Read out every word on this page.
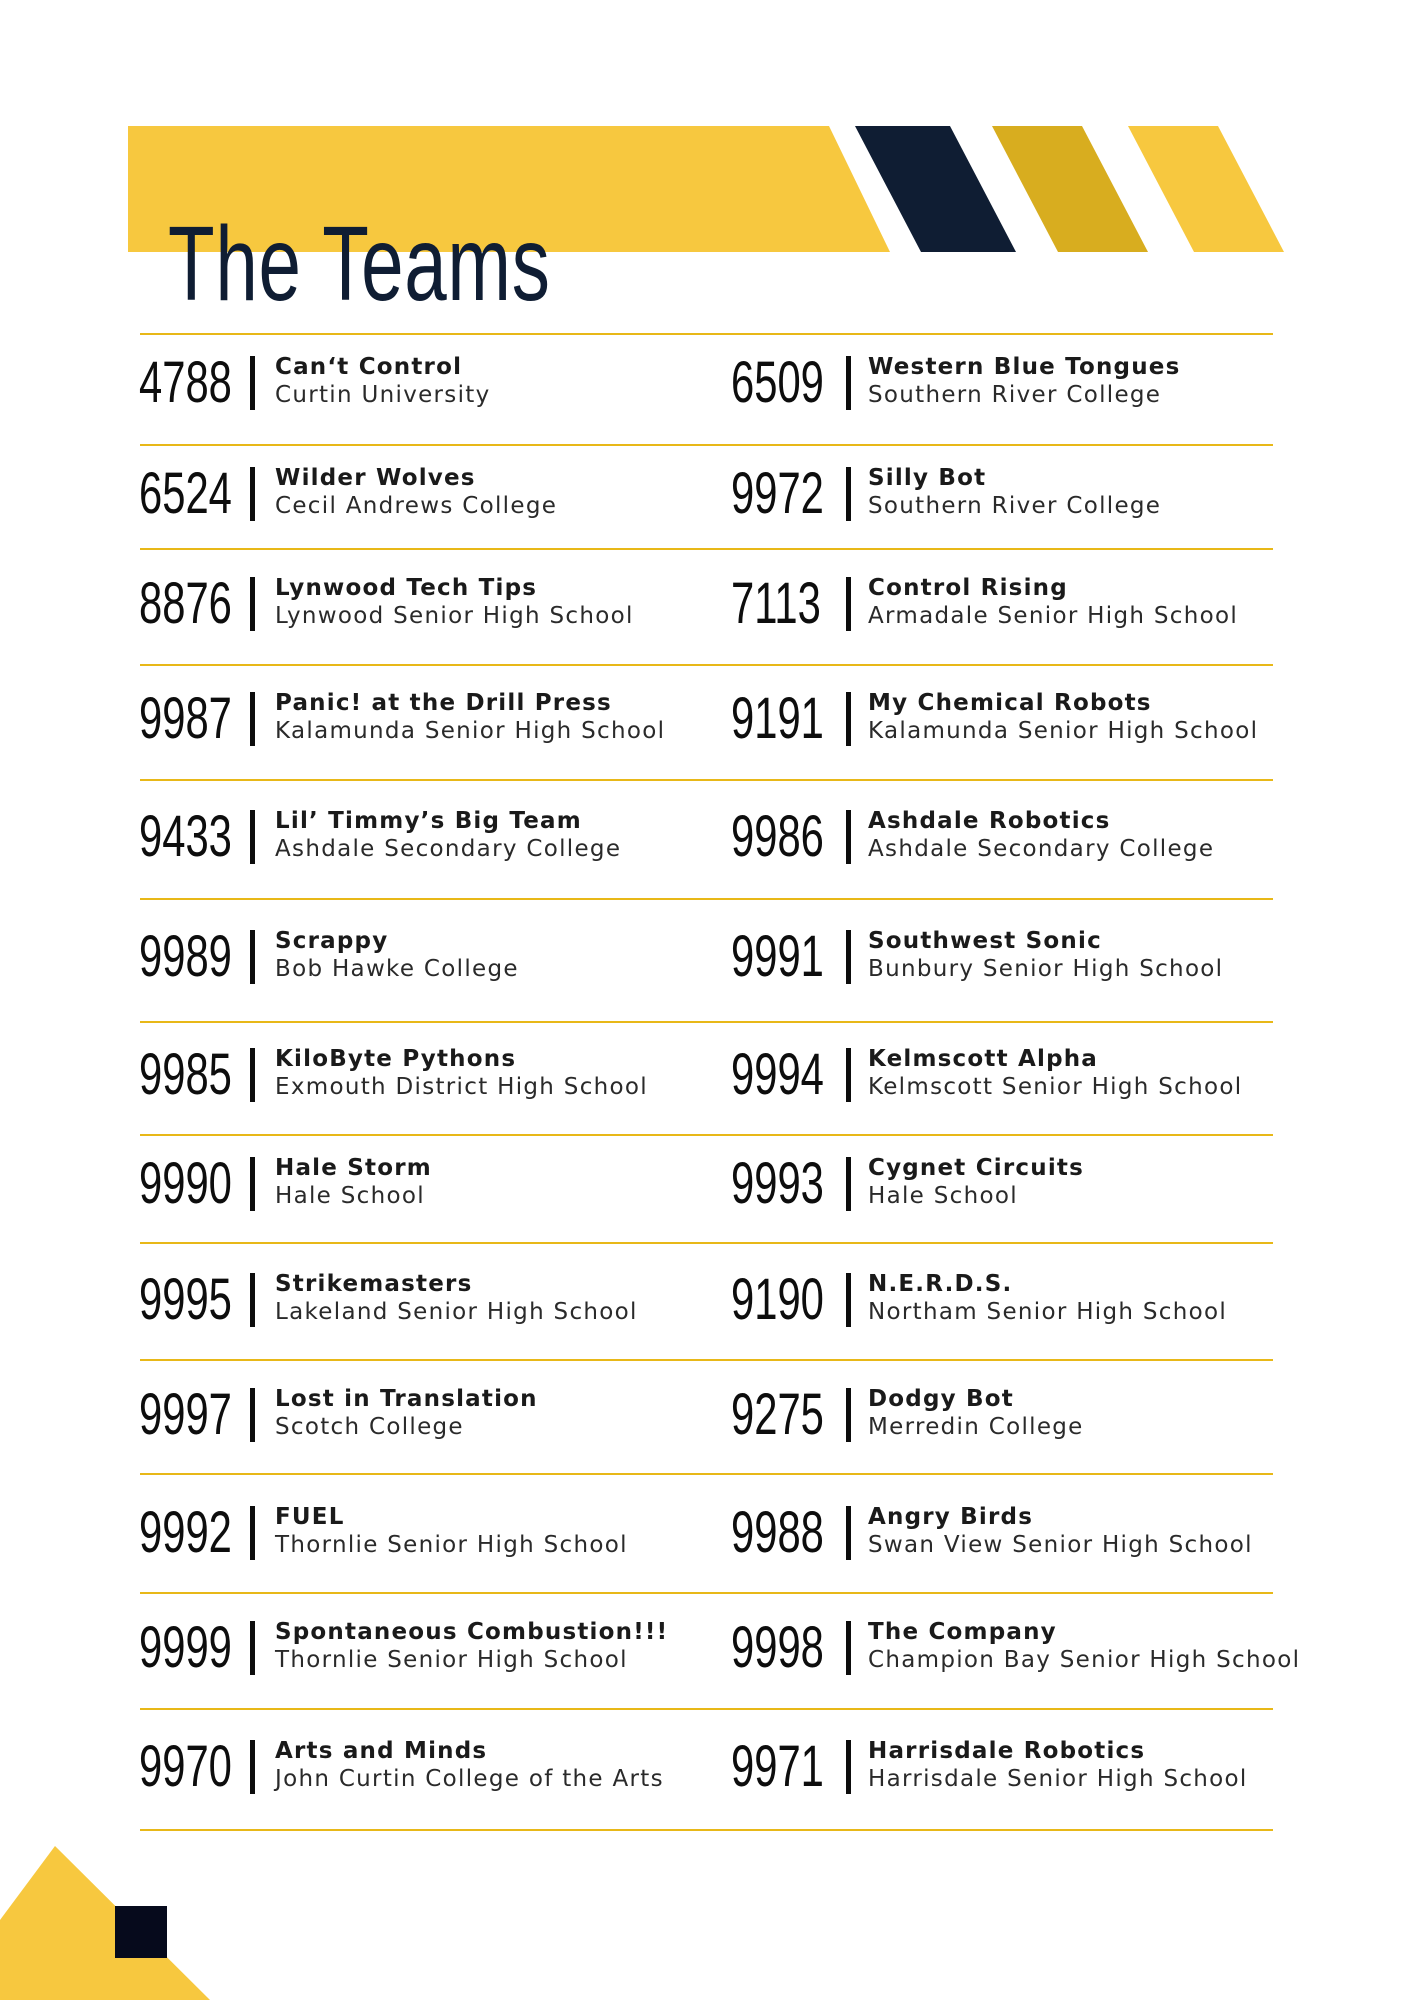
The Teams
4788 Can‘t Control
Curtin University	6509 Western Blue Tongues
Southern River College
6524 Wilder Wolves
Cecil Andrews College	9972 Silly Bot
Southern River College
8876 Lynwood Tech Tips
Lynwood Senior High School 7113 Control Rising
Armadale Senior High School
9987 Panic! at the Drill Press
Kalamunda Senior High School 9191 My Chemical Robots
Kalamunda Senior High School
9433 Lil’ Timmy’s Big Team
Ashdale Secondary College 9986 Ashdale Robotics
Ashdale Secondary College
9989 Scrappy
Bob Hawke College	9991 Southwest Sonic
Bunbury Senior High School
9985 KiloByte Pythons
Exmouth District High School 9994 Kelmscott Alpha
Kelmscott Senior High School
9990 Hale Storm
Hale School	9993 Cygnet Circuits
Hale School
9995 Strikemasters
Lakeland Senior High School 9190 N.E.R.D.S.
Northam Senior High School
9997 Lost in Translation
Scotch College	9275 Dodgy Bot
Merredin College
9992 FUEL
Thornlie Senior High School 9988 Angry Birds
Swan View Senior High School
9999 Spontaneous Combustion!!!
Thornlie Senior High School 9998 The Company
Champion Bay Senior High School
9970 Arts and Minds
John Curtin College of the Arts 9971 Harrisdale Robotics
Harrisdale Senior High School
